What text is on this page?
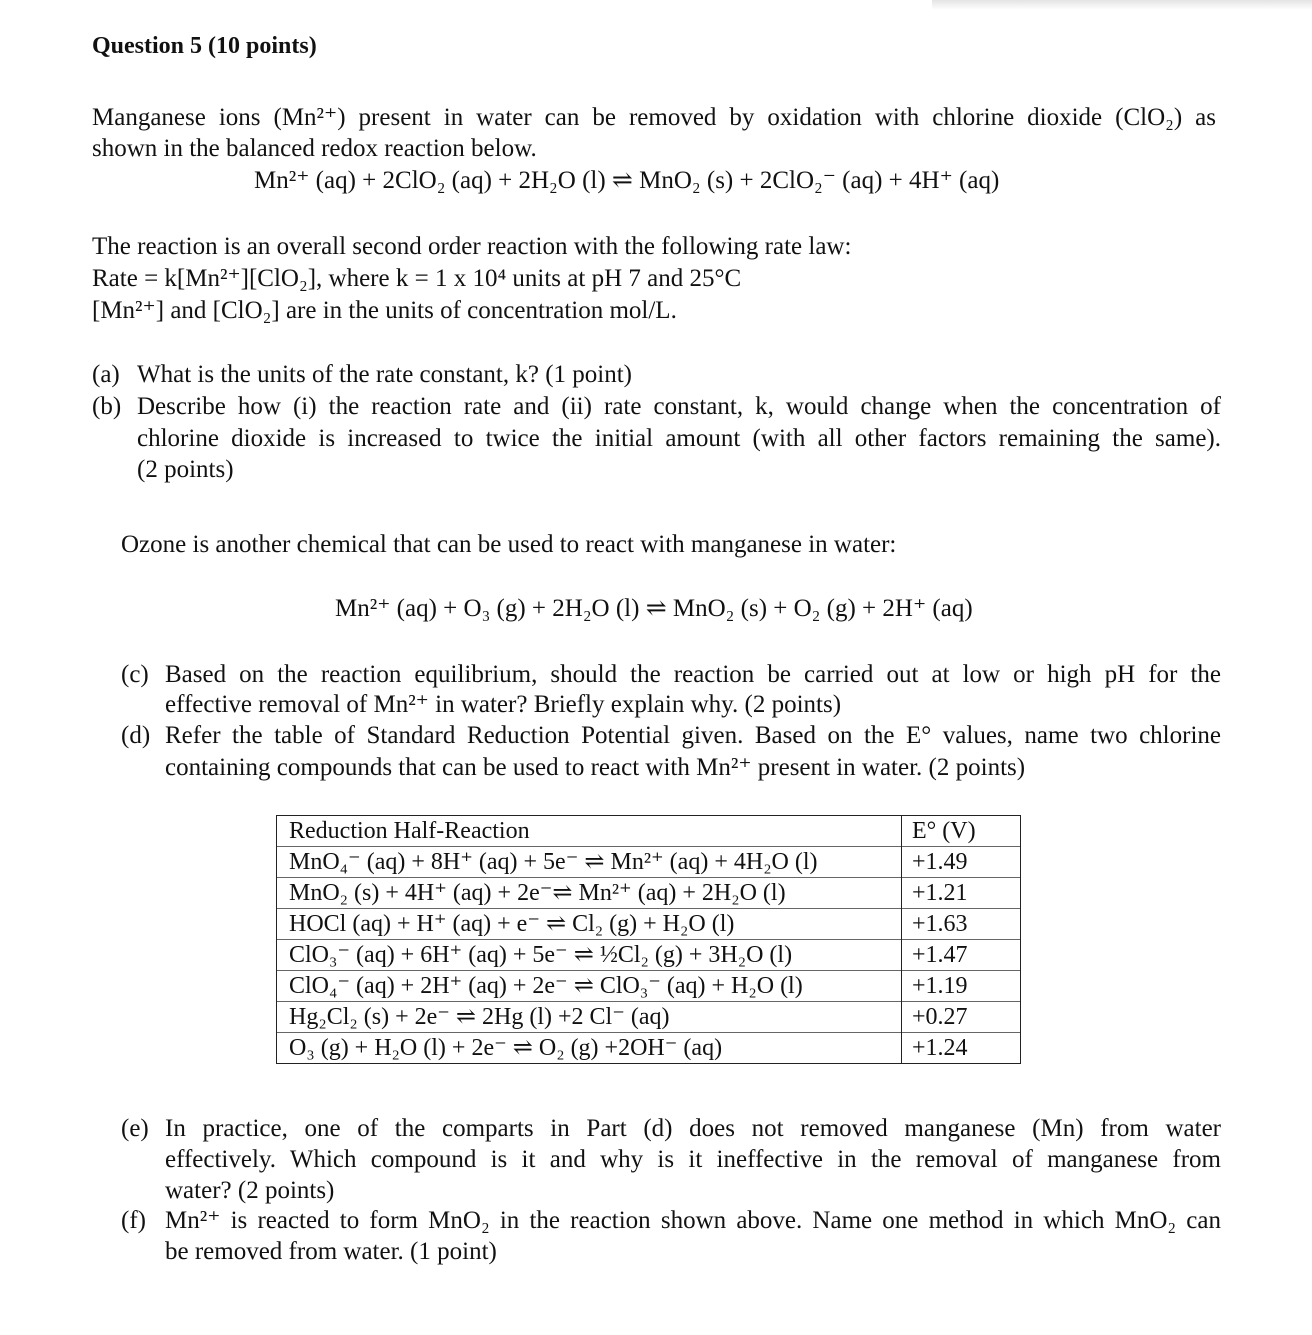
Question 5 (10 points)
Manganese ions (Mn²⁺) present in water can be removed by oxidation with chlorine dioxide (ClO₂) as
shown in the balanced redox reaction below.
Mn²⁺ (aq) + 2ClO₂ (aq) + 2H₂O (l) ⇌ MnO₂ (s) + 2ClO₂⁻ (aq) + 4H⁺ (aq)
The reaction is an overall second order reaction with the following rate law:
Rate = k[Mn²⁺][ClO₂], where k = 1 x 10⁴ units at pH 7 and 25°C
[Mn²⁺] and [ClO₂] are in the units of concentration mol/L.
(a) What is the units of the rate constant, k? (1 point)
(b) Describe how (i) the reaction rate and (ii) rate constant, k, would change when the concentration of
chlorine dioxide is increased to twice the initial amount (with all other factors remaining the same).
(2 points)
Ozone is another chemical that can be used to react with manganese in water:
Mn²⁺ (aq) + O₃ (g) + 2H₂O (l) ⇌ MnO₂ (s) + O₂ (g) + 2H⁺ (aq)
(c) Based on the reaction equilibrium, should the reaction be carried out at low or high pH for the
effective removal of Mn²⁺ in water? Briefly explain why. (2 points)
(d) Refer the table of Standard Reduction Potential given. Based on the E° values, name two chlorine
containing compounds that can be used to react with Mn²⁺ present in water. (2 points)
Reduction Half-Reaction	E° (V)
MnO₄⁻ (aq) + 8H⁺ (aq) + 5e⁻ ⇌ Mn²⁺ (aq) + 4H₂O (l)	+1.49
MnO₂ (s) + 4H⁺ (aq) + 2e⁻⇌ Mn²⁺ (aq) + 2H₂O (l)	+1.21
HOCl (aq) + H⁺ (aq) + e⁻ ⇌ Cl₂ (g) + H₂O (l)	+1.63
ClO₃⁻ (aq) + 6H⁺ (aq) + 5e⁻ ⇌ ½Cl₂ (g) + 3H₂O (l)	+1.47
ClO₄⁻ (aq) + 2H⁺ (aq) + 2e⁻ ⇌ ClO₃⁻ (aq) + H₂O (l)	+1.19
Hg₂Cl₂ (s) + 2e⁻ ⇌ 2Hg (l) +2 Cl⁻ (aq)	+0.27
O₃ (g) + H₂O (l) + 2e⁻ ⇌ O₂ (g) +2OH⁻ (aq)	+1.24
(e) In practice, one of the comparts in Part (d) does not removed manganese (Mn) from water
effectively. Which compound is it and why is it ineffective in the removal of manganese from
water? (2 points)
(f) Mn²⁺ is reacted to form MnO₂ in the reaction shown above. Name one method in which MnO₂ can
be removed from water. (1 point)
